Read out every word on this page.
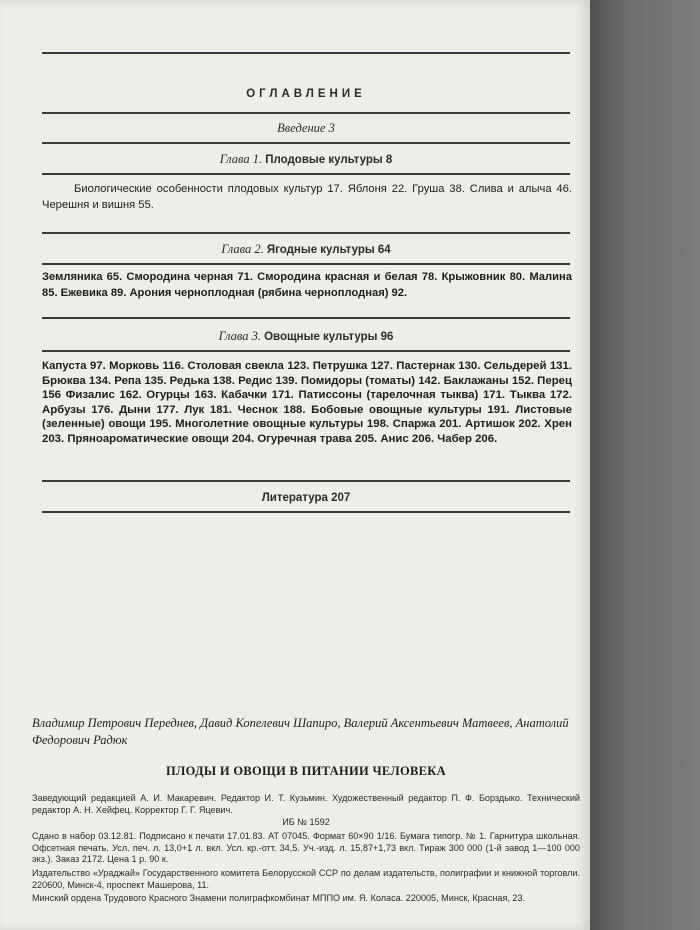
ОГЛАВЛЕНИЕ
Введение 3
Глава 1. Плодовые культуры 8
Биологические особенности плодовых культур 17. Яблоня 22. Груша 38. Слива и алыча 46. Черешня и вишня 55.
Глава 2. Ягодные культуры 64
Земляника 65. Смородина черная 71. Смородина красная и белая 78. Крыжовник 80. Малина 85. Ежевика 89. Арония черноплодная (рябина черноплодная) 92.
Глава 3. Овощные культуры 96
Капуста 97. Морковь 116. Столовая свекла 123. Петрушка 127. Пастернак 130. Сельдерей 131. Брюква 134. Репа 135. Редька 138. Редис 139. Помидоры (томаты) 142. Баклажаны 152. Перец 156 Физалис 162. Огурцы 163. Кабачки 171. Патиссоны (тарелочная тыква) 171. Тыква 172. Арбузы 176. Дыни 177. Лук 181. Чеснок 188. Бобовые овощные культуры 191. Листовые (зеленные) овощи 195. Многолетние овощные культуры 198. Спаржа 201. Артишок 202. Хрен 203. Пряноароматические овощи 204. Огуречная трава 205. Анис 206. Чабер 206.
Литература 207
Владимир Петрович Переднев, Давид Копелевич Шапиро, Валерий Аксентьевич Матвеев, Анатолий Федорович Радюк
ПЛОДЫ И ОВОЩИ В ПИТАНИИ ЧЕЛОВЕКА
Заведующий редакцией А. И. Макаревич. Редактор И. Т. Кузьмин. Художественный редактор П. Ф. Борздыко. Технический редактор А. Н. Хейфец. Корректор Г. Г. Яцевич.
ИБ № 1592
Сдано в набор 03.12.81. Подписано к печати 17.01.83. АТ 07045. Формат 60×90 1/16. Бумага типогр. № 1. Гарнитура школьная. Офсетная печать. Усл. печ. л. 13,0+1 л. вкл. Усл. кр.-отт. 34,5. Уч.-изд. л. 15,87+1,73 вкл. Тираж 300 000 (1-й завод 1—100 000 экз.). Заказ 2172. Цена 1 р. 90 к.
Издательство «Ураджай» Государственного комитета Белорусской ССР по делам издательств, полиграфии и книжной торговли. 220600, Минск-4, проспект Машерова, 11.
Минский ордена Трудового Красного Знамени полиграфкомбинат МППО им. Я. Коласа. 220005, Минск, Красная, 23.
